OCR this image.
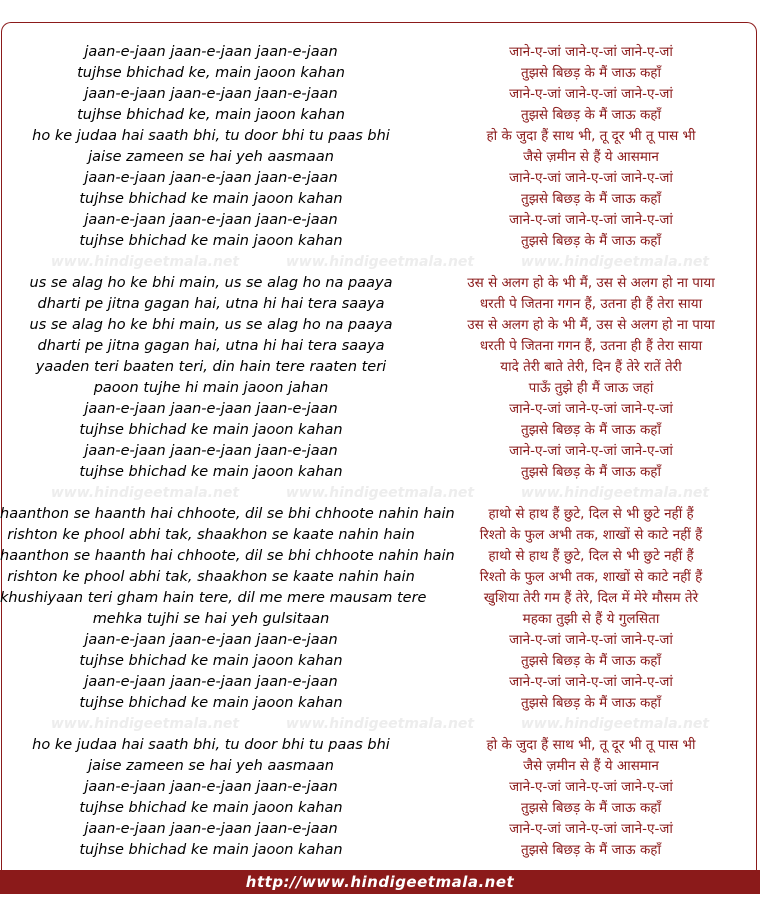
jaan-e-jaan jaan-e-jaan jaan-e-jaan	जाने-ए-जां जाने-ए-जां जाने-ए-जां
tujhse bhichad ke, main jaoon kahan	तुझसे बिछड़ के मैं जाऊ कहाँ
jaan-e-jaan jaan-e-jaan jaan-e-jaan	जाने-ए-जां जाने-ए-जां जाने-ए-जां
tujhse bhichad ke, main jaoon kahan	तुझसे बिछड़ के मैं जाऊ कहाँ
ho ke judaa hai saath bhi, tu door bhi tu paas bhi	हो के जुदा हैं साथ भी, तू दूर भी तू पास भी
jaise zameen se hai yeh aasmaan	जैसे ज़मीन से हैं ये आसमान
jaan-e-jaan jaan-e-jaan jaan-e-jaan	जाने-ए-जां जाने-ए-जां जाने-ए-जां
tujhse bhichad ke main jaoon kahan	तुझसे बिछड़ के मैं जाऊ कहाँ
jaan-e-jaan jaan-e-jaan jaan-e-jaan	जाने-ए-जां जाने-ए-जां जाने-ए-जां
tujhse bhichad ke main jaoon kahan	तुझसे बिछड़ के मैं जाऊ कहाँ
us se alag ho ke bhi main, us se alag ho na paaya	उस से अलग हो के भी मैं, उस से अलग हो ना पाया
dharti pe jitna gagan hai, utna hi hai tera saaya	धरती पे जितना गगन हैं, उतना ही हैं तेरा साया
us se alag ho ke bhi main, us se alag ho na paaya	उस से अलग हो के भी मैं, उस से अलग हो ना पाया
dharti pe jitna gagan hai, utna hi hai tera saaya	धरती पे जितना गगन हैं, उतना ही हैं तेरा साया
yaaden teri baaten teri, din hain tere raaten teri	यादे तेरी बाते तेरी, दिन हैं तेरे रातें तेरी
paoon tujhe hi main jaoon jahan	पाऊँ तुझे ही मैं जाऊ जहां
jaan-e-jaan jaan-e-jaan jaan-e-jaan	जाने-ए-जां जाने-ए-जां जाने-ए-जां
tujhse bhichad ke main jaoon kahan	तुझसे बिछड़ के मैं जाऊ कहाँ
jaan-e-jaan jaan-e-jaan jaan-e-jaan	जाने-ए-जां जाने-ए-जां जाने-ए-जां
tujhse bhichad ke main jaoon kahan	तुझसे बिछड़ के मैं जाऊ कहाँ
haanthon se haanth hai chhoote, dil se bhi chhoote nahin hain	हाथो से हाथ हैं छुटे, दिल से भी छुटे नहीं हैं
rishton ke phool abhi tak, shaakhon se kaate nahin hain	रिश्तो के फुल अभी तक, शाखों से काटे नहीं हैं
haanthon se haanth hai chhoote, dil se bhi chhoote nahin hain	हाथो से हाथ हैं छुटे, दिल से भी छुटे नहीं हैं
rishton ke phool abhi tak, shaakhon se kaate nahin hain	रिश्तो के फुल अभी तक, शाखों से काटे नहीं हैं
khushiyaan teri gham hain tere, dil me mere mausam tere	खुशिया तेरी गम हैं तेरे, दिल में मेरे मौसम तेरे
mehka tujhi se hai yeh gulsitaan	महका तुझी से हैं ये गुलसिता
jaan-e-jaan jaan-e-jaan jaan-e-jaan	जाने-ए-जां जाने-ए-जां जाने-ए-जां
tujhse bhichad ke main jaoon kahan	तुझसे बिछड़ के मैं जाऊ कहाँ
jaan-e-jaan jaan-e-jaan jaan-e-jaan	जाने-ए-जां जाने-ए-जां जाने-ए-जां
tujhse bhichad ke main jaoon kahan	तुझसे बिछड़ के मैं जाऊ कहाँ
ho ke judaa hai saath bhi, tu door bhi tu paas bhi	हो के जुदा हैं साथ भी, तू दूर भी तू पास भी
jaise zameen se hai yeh aasmaan	जैसे ज़मीन से हैं ये आसमान
jaan-e-jaan jaan-e-jaan jaan-e-jaan	जाने-ए-जां जाने-ए-जां जाने-ए-जां
tujhse bhichad ke main jaoon kahan	तुझसे बिछड़ के मैं जाऊ कहाँ
jaan-e-jaan jaan-e-jaan jaan-e-jaan	जाने-ए-जां जाने-ए-जां जाने-ए-जां
tujhse bhichad ke main jaoon kahan	तुझसे बिछड़ के मैं जाऊ कहाँ
www.hindigeetmala.net	www.hindigeetmala.net	www.hindigeetmala.net
www.hindigeetmala.net	www.hindigeetmala.net	www.hindigeetmala.net
www.hindigeetmala.net	www.hindigeetmala.net	www.hindigeetmala.net
http://www.hindigeetmala.net
